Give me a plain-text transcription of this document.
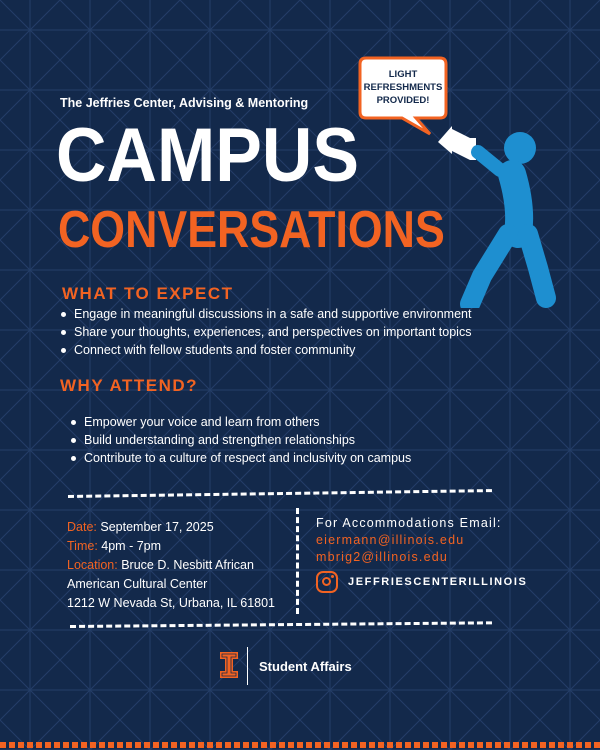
The Jeffries Center, Advising & Mentoring
CAMPUS
CONVERSATIONS
LIGHT
REFRESHMENTS
PROVIDED!
WHAT TO EXPECT
Engage in meaningful discussions in a safe and supportive environment
Share your thoughts, experiences, and perspectives on important topics
Connect with fellow students and foster community
WHY ATTEND?
Empower your voice and learn from others
Build understanding and strengthen relationships
Contribute to a culture of respect and inclusivity on campus
Date: September 17, 2025
Time: 4pm - 7pm
Location: Bruce D. Nesbitt African
American Cultural Center
1212 W Nevada St, Urbana, IL 61801
For Accommodations Email:
eiermann@illinois.edu
mbrig2@illinois.edu
JEFFRIESCENTERILLINOIS
Student Affairs
